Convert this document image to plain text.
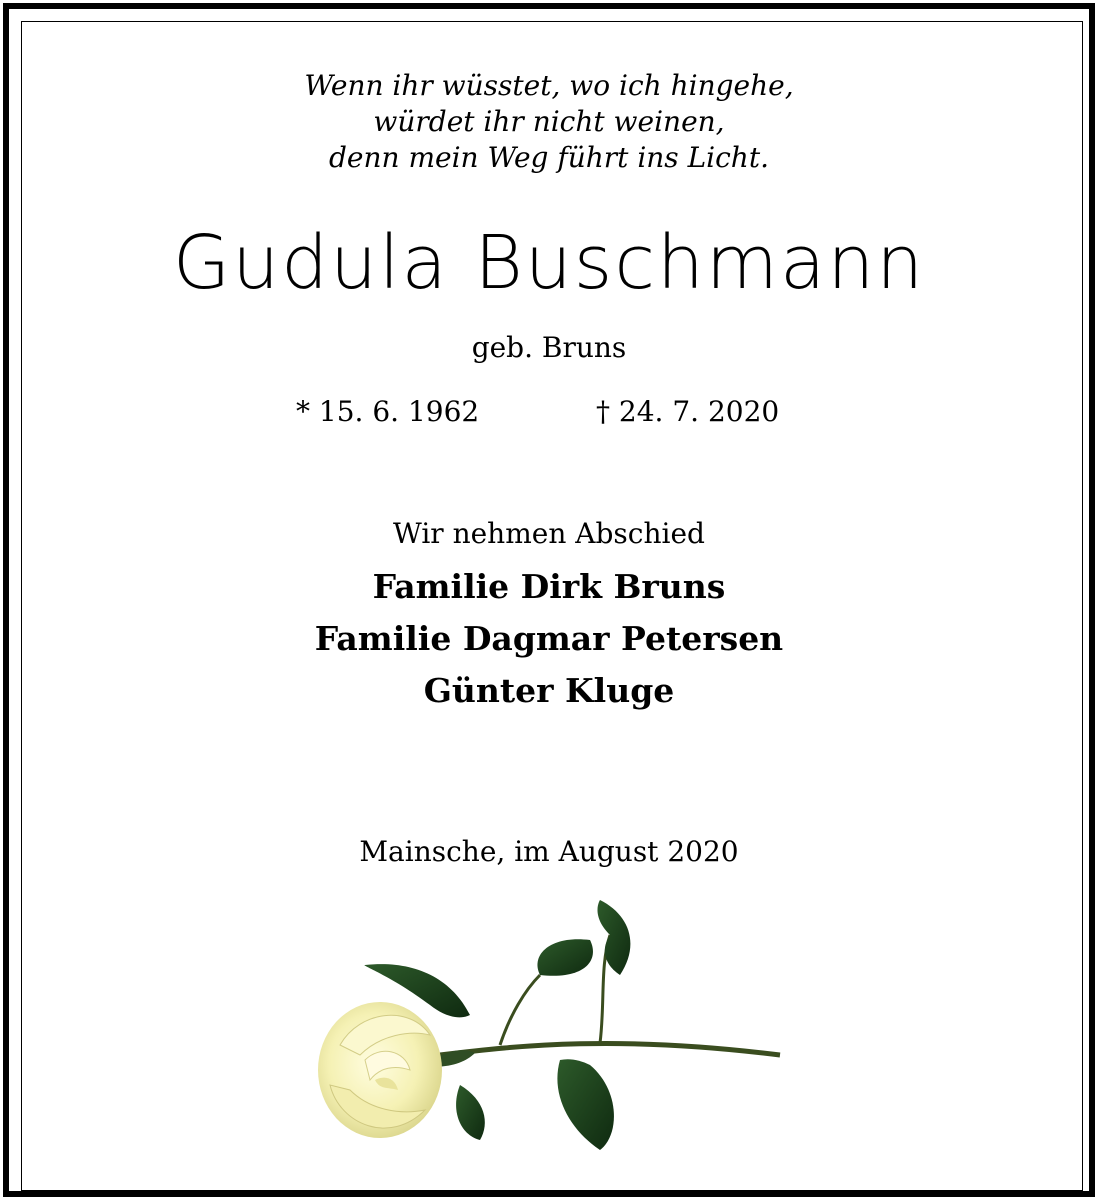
Wenn ihr wüsstet, wo ich hingehe,
würdet ihr nicht weinen,
denn mein Weg führt ins Licht.
Gudula Buschmann
geb. Bruns
* 15. 6. 1962	† 24. 7. 2020
Wir nehmen Abschied
Familie Dirk Bruns
Familie Dagmar Petersen
Günter Kluge
Mainsche, im August 2020
